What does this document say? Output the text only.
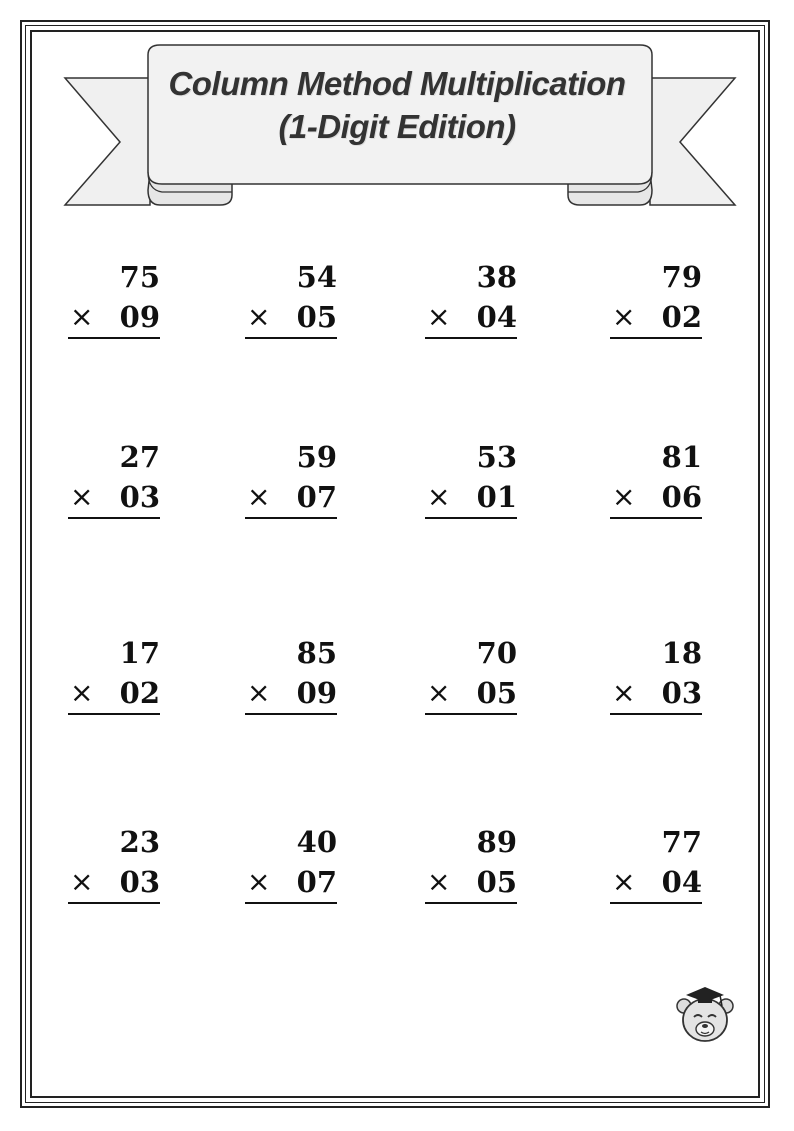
Column Method Multiplication
(1-Digit Edition)
75
× 09
54
× 05
38
× 04
79
× 02
27
× 03
59
× 07
53
× 01
81
× 06
17
× 02
85
× 09
70
× 05
18
× 03
23
× 03
40
× 07
89
× 05
77
× 04
